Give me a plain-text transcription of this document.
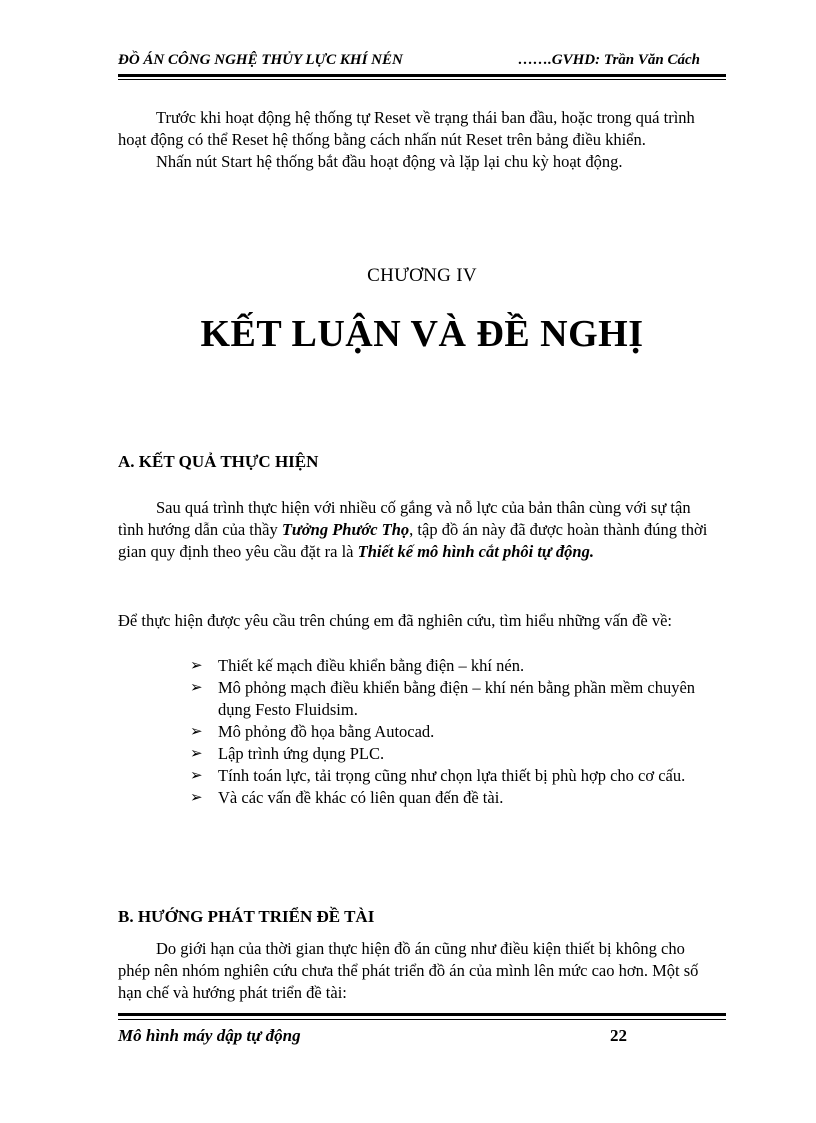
ĐỒ ÁN CÔNG NGHỆ THỦY LỰC KHÍ NÉN	…….GVHD: Trần Văn Cách

Trước khi hoạt động hệ thống tự Reset về trạng thái ban đầu, hoặc trong quá trình hoạt động có thể Reset hệ thống bằng cách nhấn nút Reset trên bảng điều khiển.

Nhấn nút Start hệ thống bắt đầu hoạt động và lặp lại chu kỳ hoạt động.

CHƯƠNG IV
KẾT LUẬN VÀ ĐỀ NGHỊ
A. KẾT QUẢ THỰC HIỆN

Sau quá trình thực hiện với nhiều cố gắng và nỗ lực của bản thân cùng với sự tận tình hướng dẫn của thầy Tưởng Phước Thọ, tập đồ án này đã được hoàn thành đúng thời gian quy định theo yêu cầu đặt ra là Thiết kế mô hình cắt phôi tự động.

Để thực hiện được yêu cầu trên chúng em đã nghiên cứu, tìm hiểu những vấn đề về:
➢ Thiết kế mạch điều khiển bằng điện – khí nén.
➢ Mô phỏng mạch điều khiển bằng điện – khí nén bằng phần mềm chuyên dụng Festo Fluidsim.
➢ Mô phỏng đồ họa bằng Autocad.
➢ Lập trình ứng dụng PLC.
➢ Tính toán lực, tải trọng cũng như chọn lựa thiết bị phù hợp cho cơ cấu.
➢ Và các vấn đề khác có liên quan đến đề tài.
B. HƯỚNG PHÁT TRIỂN ĐỀ TÀI

Do giới hạn của thời gian thực hiện đồ án cũng như điều kiện thiết bị không cho phép nên nhóm nghiên cứu chưa thể phát triển đồ án của mình lên mức cao hơn. Một số hạn chế và hướng phát triển đề tài:

Mô hình máy dập tự động	22
